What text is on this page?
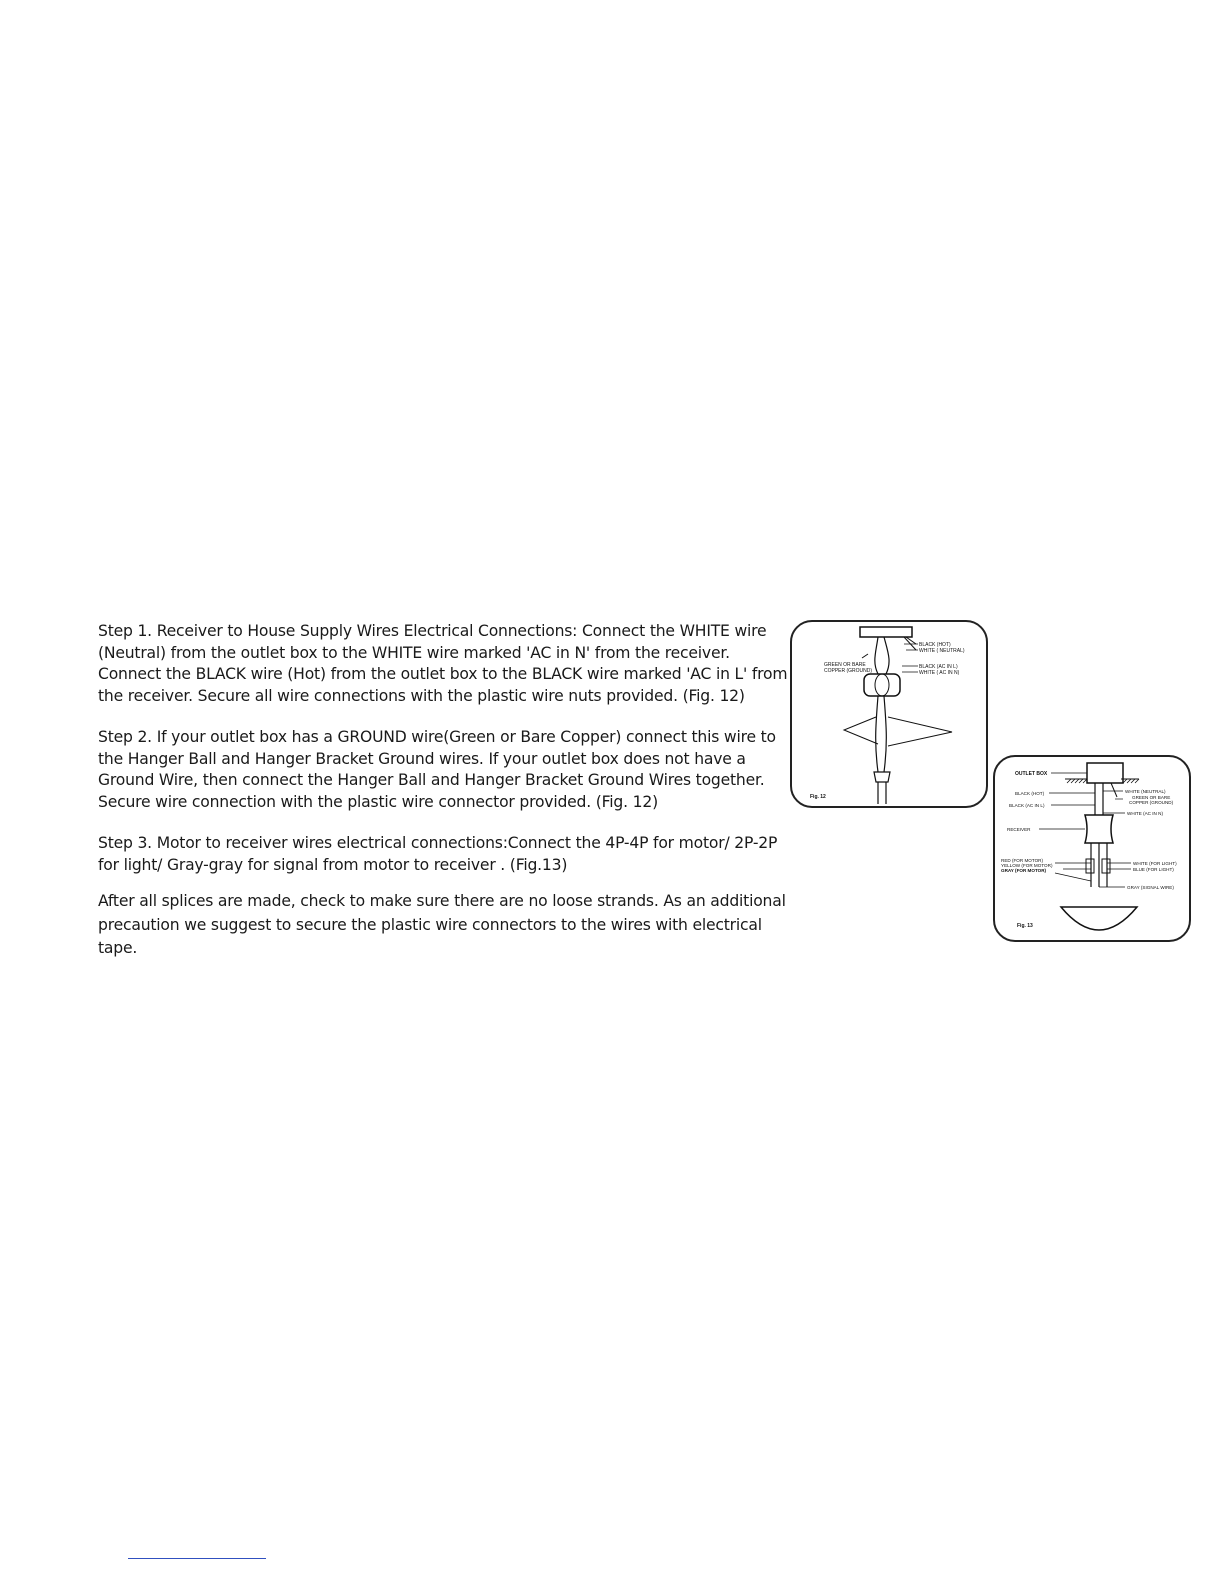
Step 1. Receiver to House Supply Wires Electrical Connections: Connect the WHITE wire (Neutral) from the outlet box to the WHITE wire marked 'AC in N' from the receiver. Connect the BLACK wire (Hot) from the outlet box to the BLACK wire marked 'AC in L' from the receiver. Secure all wire connections with the plastic wire nuts provided. (Fig. 12)

Step 2. If your outlet box has a GROUND wire(Green or Bare Copper) connect this wire to the Hanger Ball and Hanger Bracket Ground wires. If your outlet box does not have a Ground Wire, then connect the Hanger Ball and Hanger Bracket Ground Wires together. Secure wire connection with the plastic wire connector provided. (Fig. 12)

Step 3. Motor to receiver wires electrical connections:Connect the 4P-4P for motor/ 2P-2P for light/ Gray-gray for signal from motor to receiver . (Fig.13)

After all splices are made, check to make sure there are no loose strands. As an additional precaution we suggest to secure the plastic wire connectors to the wires with electrical tape.

BLACK (HOT)
WHITE ( NEUTRAL)
GREEN OR BARE
COPPER (GROUND)
BLACK (AC IN L)
WHITE ( AC IN N)
Fig. 12
OUTLET BOX
BLACK (HOT)
BLACK (AC IN L)
WHITE (NEUTRAL)
GREEN OR BARE
COPPER (GROUND)
WHITE (AC IN N)
RECEIVER
RED (FOR MOTOR)
YELLOW (FOR MOTOR)
GRAY (FOR MOTOR)
WHITE (FOR LIGHT)
BLUE (FOR LIGHT)
GRAY (SIGNAL WIRE)
Fig. 13
